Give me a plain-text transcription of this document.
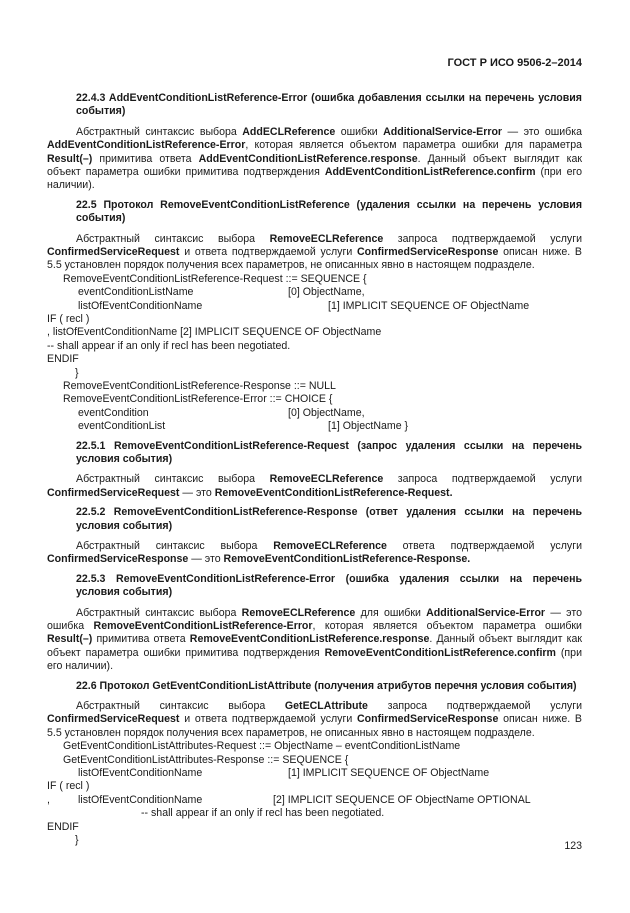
ГОСТ Р ИСО 9506-2–2014
22.4.3 AddEventConditionListReference-Error (ошибка добавления ссылки на перечень условия события)
Абстрактный синтаксис выбора AddECLReference ошибки AdditionalService-Error — это ошибка AddEventConditionListReference-Error, которая является объектом параметра ошибки для параметра Result(–) примитива ответа AddEventConditionListReference.response. Данный объект выглядит как объект параметра ошибки примитива подтверждения AddEventConditionListReference.confirm (при его наличии).
22.5 Протокол RemoveEventConditionListReference (удаления ссылки на перечень условия события)
Абстрактный синтаксис выбора RemoveECLReference запроса подтверждаемой услуги ConfirmedServiceRequest и ответа подтверждаемой услуги ConfirmedServiceResponse описан ниже. В 5.5 установлен порядок получения всех параметров, не описанных явно в настоящем подразделе.
RemoveEventConditionListReference-Request ::= SEQUENCE {
eventConditionListName	[0] ObjectName,
listOfEventConditionName	[1] IMPLICIT SEQUENCE OF ObjectName
IF ( recl )
, listOfEventConditionName [2] IMPLICIT SEQUENCE OF ObjectName
-- shall appear if an only if recl has been negotiated.
ENDIF
}
RemoveEventConditionListReference-Response ::= NULL
RemoveEventConditionListReference-Error ::= CHOICE {
eventCondition	[0] ObjectName,
eventConditionList	[1] ObjectName }
22.5.1 RemoveEventConditionListReference-Request (запрос удаления ссылки на перечень условия события)
Абстрактный синтаксис выбора RemoveECLReference запроса подтверждаемой услуги ConfirmedServiceRequest — это RemoveEventConditionListReference-Request.
22.5.2 RemoveEventConditionListReference-Response (ответ удаления ссылки на перечень условия события)
Абстрактный синтаксис выбора RemoveECLReference ответа подтверждаемой услуги ConfirmedServiceResponse — это RemoveEventConditionListReference-Response.
22.5.3 RemoveEventConditionListReference-Error (ошибка удаления ссылки на перечень условия события)
Абстрактный синтаксис выбора RemoveECLReference для ошибки AdditionalService-Error — это ошибка RemoveEventConditionListReference-Error, которая является объектом параметра ошибки Result(–) примитива ответа RemoveEventConditionListReference.response. Данный объект выглядит как объект параметра ошибки примитива подтверждения RemoveEventConditionListReference.confirm (при его наличии).
22.6 Протокол GetEventConditionListAttribute (получения атрибутов перечня условия события)
Абстрактный синтаксис выбора GetECLAttribute запроса подтверждаемой услуги ConfirmedServiceRequest и ответа подтверждаемой услуги ConfirmedServiceResponse описан ниже. В 5.5 установлен порядок получения всех параметров, не описанных явно в настоящем подразделе.
GetEventConditionListAttributes-Request ::= ObjectName – eventConditionListName
GetEventConditionListAttributes-Response ::= SEQUENCE {
listOfEventConditionName	[1] IMPLICIT SEQUENCE OF ObjectName
IF ( recl )
,	listOfEventConditionName	[2] IMPLICIT SEQUENCE OF ObjectName OPTIONAL
-- shall appear if an only if recl has been negotiated.
ENDIF
}	123
